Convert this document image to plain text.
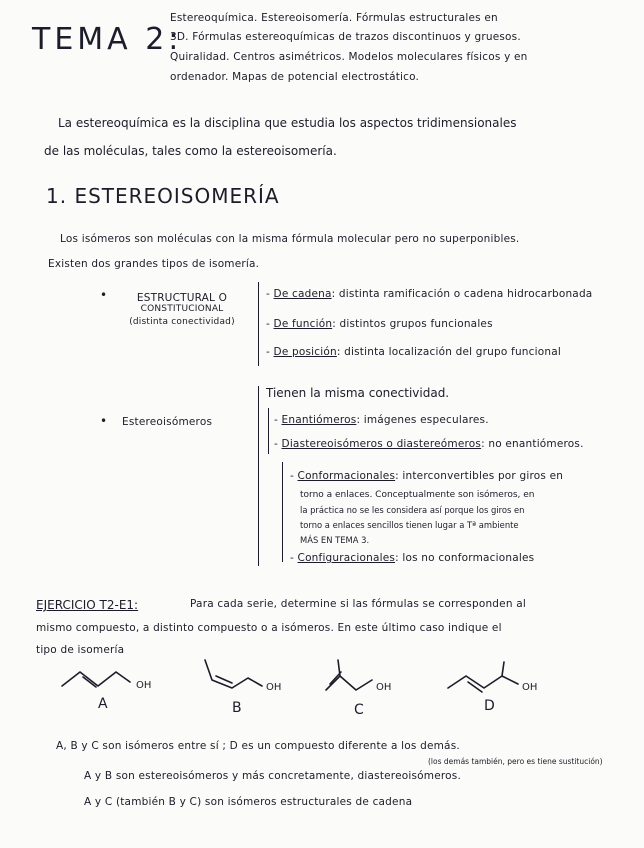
TEMA 2:
Estereoquímica. Estereoisomería. Fórmulas estructurales en
3D. Fórmulas estereoquímicas de trazos discontinuos y gruesos.
Quiralidad. Centros asimétricos. Modelos moleculares físicos y en
ordenador. Mapas de potencial electrostático.
La estereoquímica es la disciplina que estudia los aspectos tridimensionales
de las moléculas, tales como la estereoisomería.
1. ESTEREOISOMERÍA
Los isómeros son moléculas con la misma fórmula molecular pero no superponibles.
Existen dos grandes tipos de isomería.
•	ESTRUCTURAL O
CONSTITUCIONAL
(distinta conectividad)
- De cadena: distinta ramificación o cadena hidrocarbonada
- De función: distintos grupos funcionales
- De posición: distinta localización del grupo funcional
• Estereoisómeros
Tienen la misma conectividad.
- Enantiómeros: imágenes especulares.
- Diastereoisómeros o diastereómeros: no enantiómeros.
- Conformacionales: interconvertibles por giros en
torno a enlaces. Conceptualmente son isómeros, en
la práctica no se les considera así porque los giros en
torno a enlaces sencillos tienen lugar a Tª ambiente
MÁS EN TEMA 3.
- Configuracionales: los no conformacionales
EJERCICIO T2-E1:	Para cada serie, determine si las fórmulas se corresponden al
mismo compuesto, a distinto compuesto o a isómeros. En este último caso indique el
tipo de isomería
OH	OH	OH	OH
A	B	C	D
A, B y C son isómeros entre sí ; D es un compuesto diferente a los demás.
(los demás también, pero es tiene sustitución)
A y B son estereoisómeros y más concretamente, diastereoisómeros.
A y C (también B y C) son isómeros estructurales de cadena
